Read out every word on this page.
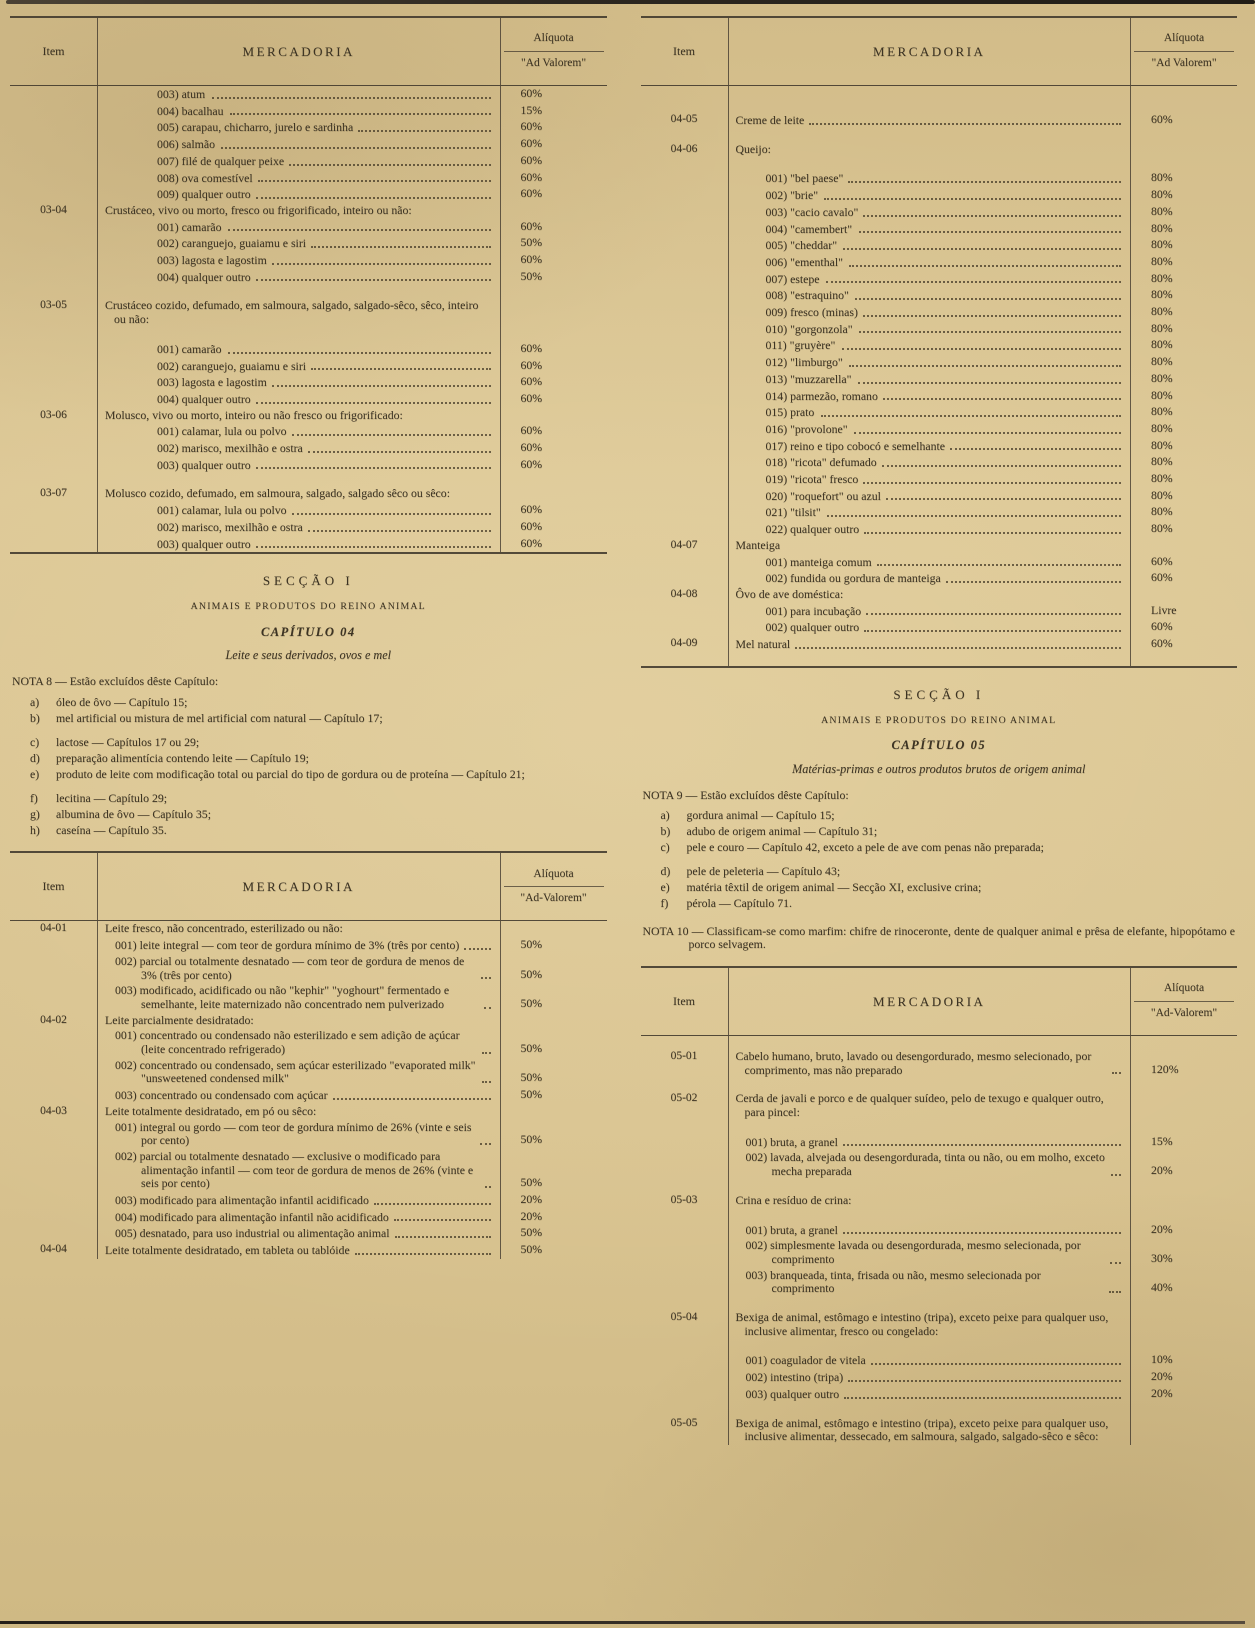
Item	MERCADORIA
Alíquota
"Ad Valorem"
003) atum	60%
004) bacalhau	15%
005) carapau, chicharro, jurelo e sardinha	60%
006) salmão	60%
007) filé de qualquer peixe	60%
008) ova comestível	60%
009) qualquer outro	60%
03-04	Crustáceo, vivo ou morto, fresco ou frigorificado, inteiro ou não:
001) camarão	60%
002) caranguejo, guaiamu e siri	50%
003) lagosta e lagostim	60%
004) qualquer outro	50%
03-05	Crustáceo cozido, defumado, em salmoura, salgado, salgado-sêco, sêco, inteiro ou não:
001) camarão	60%
002) caranguejo, guaiamu e siri	60%
003) lagosta e lagostim	60%
004) qualquer outro	60%
03-06	Molusco, vivo ou morto, inteiro ou não fresco ou frigorificado:
001) calamar, lula ou polvo	60%
002) marisco, mexilhão e ostra	60%
003) qualquer outro	60%
03-07	Molusco cozido, defumado, em salmoura, salgado, salgado sêco ou sêco:
001) calamar, lula ou polvo	60%
002) marisco, mexilhão e ostra	60%
003) qualquer outro	60%
SECÇÃO I
ANIMAIS E PRODUTOS DO REINO ANIMAL
CAPÍTULO 04
Leite e seus derivados, ovos e mel
NOTA 8 — Estão excluídos dêste Capítulo:
a)	óleo de ôvo — Capítulo 15;
b)	mel artificial ou mistura de mel artificial com natural — Capítulo 17;
c)	lactose — Capítulos 17 ou 29;
d)	preparação alimentícia contendo leite — Capítulo 19;
e)	produto de leite com modificação total ou parcial do tipo de gordura ou de proteína — Capítulo 21;
f)	lecitina — Capítulo 29;
g)	albumina de ôvo — Capítulo 35;
h)	caseína — Capítulo 35.
Item	MERCADORIA
Alíquota
"Ad-Valorem"
04-01	Leite fresco, não concentrado, esterilizado ou não:
001) leite integral — com teor de gordura mínimo de 3% (três por cento)	50%
002) parcial ou totalmente desnatado — com teor de gordura de menos de 3% (três por cento)	50%
003) modificado, acidificado ou não "kephir" "yoghourt" fermentado e semelhante, leite maternizado não concentrado nem pulverizado	50%
04-02	Leite parcialmente desidratado:
001) concentrado ou condensado não esterilizado e sem adição de açúcar (leite concentrado refrigerado)	50%
002) concentrado ou condensado, sem açúcar esterilizado "evaporated milk" "unsweetened condensed milk"	50%
003) concentrado ou condensado com açúcar	50%
04-03	Leite totalmente desidratado, em pó ou sêco:
001) integral ou gordo — com teor de gordura mínimo de 26% (vinte e seis por cento)	50%
002) parcial ou totalmente desnatado — exclusive o modificado para alimentação infantil — com teor de gordura de menos de 26% (vinte e seis por cento)	50%
003) modificado para alimentação infantil acidificado	20%
004) modificado para alimentação infantil não acidificado	20%
005) desnatado, para uso industrial ou alimentação animal	50%
04-04	Leite totalmente desidratado, em tableta ou tablóide	50%
Item	MERCADORIA
Alíquota
"Ad Valorem"
04-05	Creme de leite	60%
04-06	Queijo:
001) "bel paese"	80%
002) "brie"	80%
003) "cacio cavalo"	80%
004) "camembert"	80%
005) "cheddar"	80%
006) "ementhal"	80%
007) estepe	80%
008) "estraquino"	80%
009) fresco (minas)	80%
010) "gorgonzola"	80%
011) "gruyère"	80%
012) "limburgo"	80%
013) "muzzarella"	80%
014) parmezão, romano	80%
015) prato	80%
016) "provolone"	80%
017) reino e tipo cobocó e semelhante	80%
018) "ricota" defumado	80%
019) "ricota" fresco	80%
020) "roquefort" ou azul	80%
021) "tilsit"	80%
022) qualquer outro	80%
04-07	Manteiga
001) manteiga comum	60%
002) fundida ou gordura de manteiga	60%
04-08	Ôvo de ave doméstica:
001) para incubação	Livre
002) qualquer outro	60%
04-09	Mel natural	60%
SECÇÃO I
ANIMAIS E PRODUTOS DO REINO ANIMAL
CAPÍTULO 05
Matérias-primas e outros produtos brutos de origem animal
NOTA 9 — Estão excluídos dêste Capítulo:
a)	gordura animal — Capítulo 15;
b)	adubo de origem animal — Capítulo 31;
c)	pele e couro — Capítulo 42, exceto a pele de ave com penas não preparada;
d)	pele de peleteria — Capítulo 43;
e)	matéria têxtil de origem animal — Secção XI, exclusive crina;
f)	pérola — Capítulo 71.
NOTA 10 — Classificam-se como marfim: chifre de rinoceronte, dente de qualquer animal e prêsa de elefante, hipopótamo e porco selvagem.
Item	MERCADORIA
Alíquota
"Ad-Valorem"
05-01	Cabelo humano, bruto, lavado ou desengordurado, mesmo selecionado, por comprimento, mas não preparado	120%
05-02	Cerda de javali e porco e de qualquer suídeo, pelo de texugo e qualquer outro, para pincel:
001) bruta, a granel	15%
002) lavada, alvejada ou desengordurada, tinta ou não, ou em molho, exceto mecha preparada	20%
05-03	Crina e resíduo de crina:
001) bruta, a granel	20%
002) simplesmente lavada ou desengordurada, mesmo selecionada, por comprimento	30%
003) branqueada, tinta, frisada ou não, mesmo selecionada por comprimento	40%
05-04	Bexiga de animal, estômago e intestino (tripa), exceto peixe para qualquer uso, inclusive alimentar, fresco ou congelado:
001) coagulador de vitela	10%
002) intestino (tripa)	20%
003) qualquer outro	20%
05-05	Bexiga de animal, estômago e intestino (tripa), exceto peixe para qualquer uso, inclusive alimentar, dessecado, em salmoura, salgado, salgado-sêco e sêco:
